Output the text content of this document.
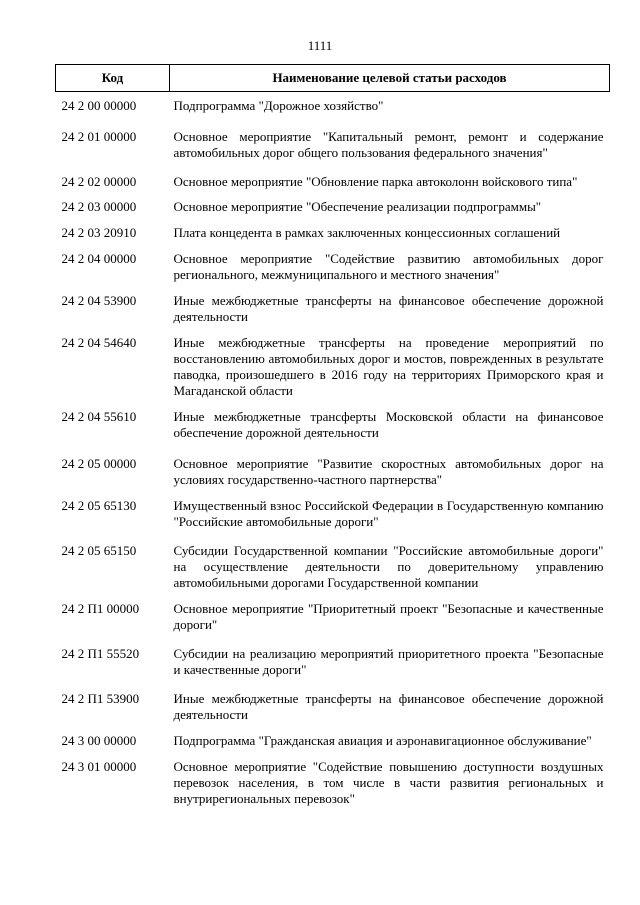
1111
Код	Наименование целевой статьи расходов
24 2 00 00000	Подпрограмма "Дорожное хозяйство"
24 2 01 00000	Основное мероприятие "Капитальный ремонт, ремонт и содержание автомобильных дорог общего пользования федерального значения"
24 2 02 00000	Основное мероприятие "Обновление парка автоколонн войскового типа"
24 2 03 00000	Основное мероприятие "Обеспечение реализации подпрограммы"
24 2 03 20910	Плата концедента в рамках заключенных концессионных соглашений
24 2 04 00000	Основное мероприятие "Содействие развитию автомобильных дорог регионального, межмуниципального и местного значения"
24 2 04 53900	Иные межбюджетные трансферты на финансовое обеспечение дорожной деятельности
24 2 04 54640	Иные межбюджетные трансферты на проведение мероприятий по восстановлению автомобильных дорог и мостов, поврежденных в результате паводка, произошедшего в 2016 году на территориях Приморского края и Магаданской области
24 2 04 55610	Иные межбюджетные трансферты Московской области на финансовое обеспечение дорожной деятельности
24 2 05 00000	Основное мероприятие "Развитие скоростных автомобильных дорог на условиях государственно-частного партнерства"
24 2 05 65130	Имущественный взнос Российской Федерации в Государственную компанию "Российские автомобильные дороги"
24 2 05 65150	Субсидии Государственной компании "Российские автомобильные дороги" на осуществление деятельности по доверительному управлению автомобильными дорогами Государственной компании
24 2 П1 00000	Основное мероприятие "Приоритетный проект "Безопасные и качественные дороги"
24 2 П1 55520	Субсидии на реализацию мероприятий приоритетного проекта "Безопасные и качественные дороги"
24 2 П1 53900	Иные межбюджетные трансферты на финансовое обеспечение дорожной деятельности
24 3 00 00000	Подпрограмма "Гражданская авиация и аэронавигационное обслуживание"
24 3 01 00000	Основное мероприятие "Содействие повышению доступности воздушных перевозок населения, в том числе в части развития региональных и внутрирегиональных перевозок"
